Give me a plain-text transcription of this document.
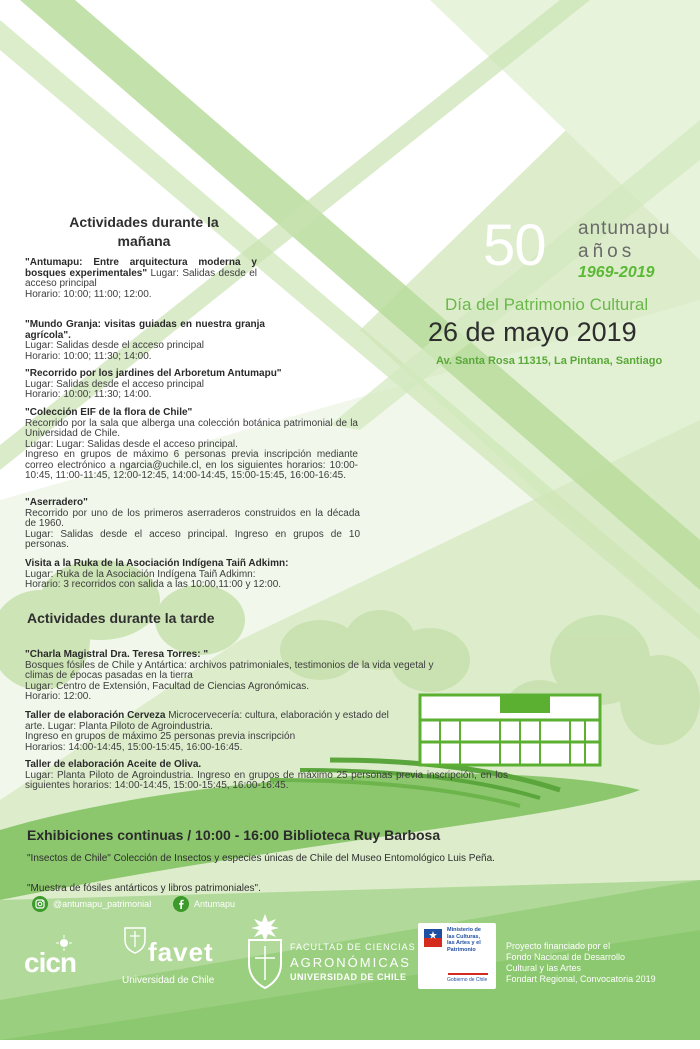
50 antumapu
años
1969-2019
Día del Patrimonio Cultural
26 de mayo 2019
Av. Santa Rosa 11315, La Pintana, Santiago
Actividades durante la
mañana
"Antumapu: Entre arquitectura moderna y bosques experimentales" Lugar: Salidas desde el acceso principal
Horario: 10:00; 11:00; 12:00.
"Mundo Granja: visitas guiadas en nuestra granja agrícola".
Lugar: Salidas desde el acceso principal
Horario: 10:00; 11:30; 14:00.
"Recorrido por los jardines del Arboretum Antumapu"
Lugar: Salidas desde el acceso principal
Horario: 10:00; 11:30; 14:00.
"Colección EIF de la flora de Chile"
Recorrido por la sala que alberga una colección botánica patrimonial de la Universidad de Chile.
Lugar: Lugar: Salidas desde el acceso principal.
Ingreso en grupos de máximo 6 personas previa inscripción mediante correo electrónico a ngarcia@uchile.cl, en los siguientes horarios: 10:00-10:45, 11:00-11:45, 12:00-12:45, 14:00-14:45, 15:00-15:45, 16:00-16:45.
"Aserradero"
Recorrido por uno de los primeros aserraderos construidos en la década de 1960.
Lugar: Salidas desde el acceso principal. Ingreso en grupos de 10 personas.
Visita a la Ruka de la Asociación Indígena Taiñ Adkimn:
Lugar: Ruka de la Asociación Indígena Taiñ Adkimn:
Horario: 3 recorridos con salida a las 10:00,11:00 y 12:00.
Actividades durante la tarde
"Charla Magistral Dra. Teresa Torres: "
Bosques fósiles de Chile y Antártica: archivos patrimoniales, testimonios de la vida vegetal y climas de épocas pasadas en la tierra
Lugar: Centro de Extensión, Facultad de Ciencias Agronómicas.
Horario: 12:00.
Taller de elaboración Cerveza Microcervecería: cultura, elaboración y estado del arte. Lugar: Planta Piloto de Agroindustria.
Ingreso en grupos de máximo 25 personas previa inscripción
Horarios: 14:00-14:45, 15:00-15:45, 16:00-16:45.
Taller de elaboración Aceite de Oliva.
Lugar: Planta Piloto de Agroindustria. Ingreso en grupos de máximo 25 personas previa inscripción, en los siguientes horarios: 14:00-14:45, 15:00-15:45, 16:00-16:45.
Exhibiciones continuas / 10:00 - 16:00 Biblioteca Ruy Barbosa
"Insectos de Chile" Colección de Insectos y especies únicas de Chile del Museo Entomológico Luis Peña.
"Muestra de fósiles antárticos y libros patrimoniales".
@antumapu_patrimonial	Antumapu
cicn	favet
Universidad de Chile
FACULTAD DE CIENCIAS
AGRONÓMICAS
UNIVERSIDAD DE CHILE
Ministerio de
las Culturas,
las Artes y el
Patrimonio
Gobierno de Chile
Proyecto financiado por el
Fondo Nacional de Desarrollo
Cultural y las Artes
Fondart Regional, Convocatoria 2019
